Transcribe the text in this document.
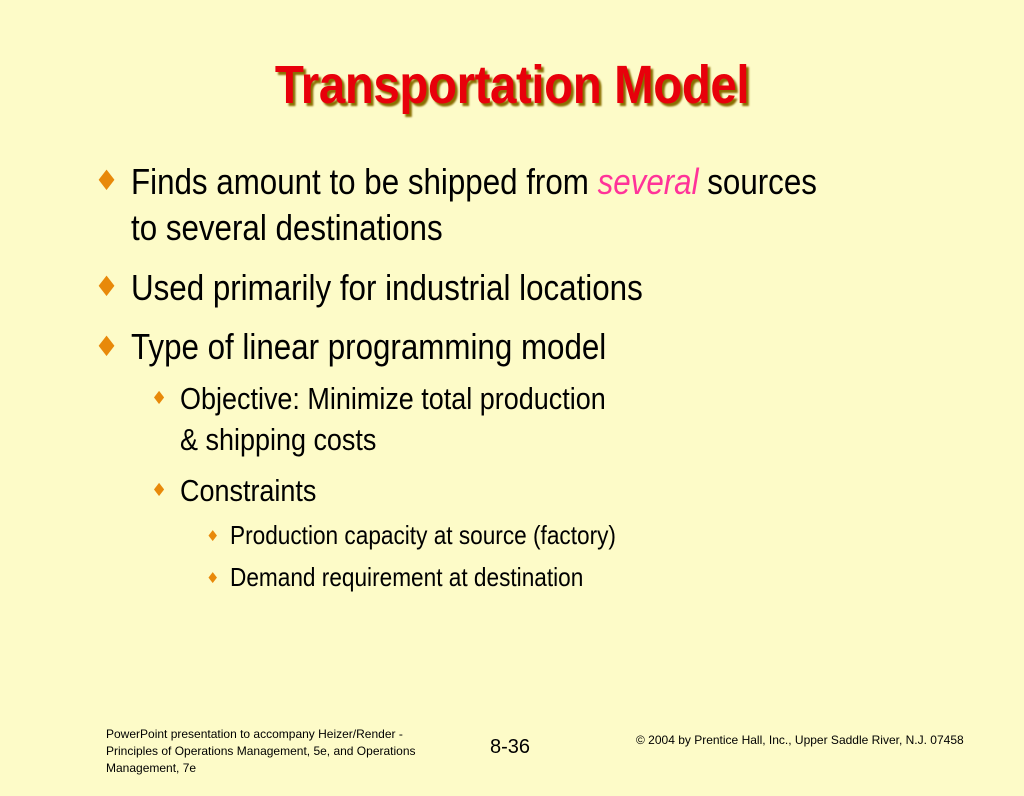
Transportation Model
♦ Finds amount to be shipped from several sources
to several destinations
♦ Used primarily for industrial locations
♦ Type of linear programming model
♦ Objective: Minimize total production
& shipping costs
♦ Constraints
♦ Production capacity at source (factory)
♦ Demand requirement at destination
PowerPoint presentation to accompany Heizer/Render - Principles of Operations Management, 5e, and Operations Management, 7e
8-36	© 2004 by Prentice Hall, Inc., Upper Saddle River, N.J. 07458
